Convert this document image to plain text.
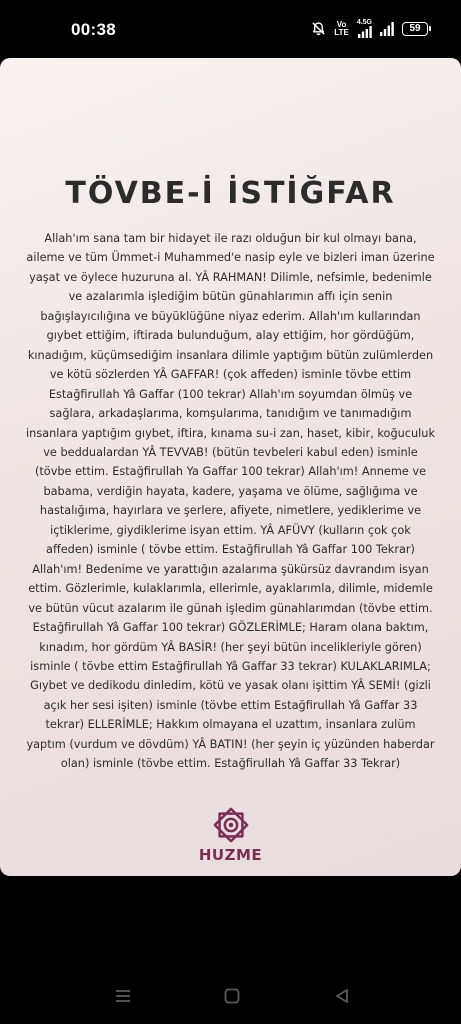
00:38	Vo
LTE
4.5G
59
TÖVBE-İ İSTİĞFAR

Allah'ım sana tam bir hidayet ile razı olduğun bir kul olmayı bana, aileme ve tüm Ümmet-i Muhammed'e nasip eyle ve bizleri iman üzerine yaşat ve öylece huzuruna al. YÂ RAHMAN! Dilimle, nefsimle, bedenimle ve azalarımla işlediğim bütün günahlarımın affı için senin bağışlayıcılığına ve büyüklüğüne niyaz ederim. Allah'ım kullarından gıybet ettiğim, iftirada bulunduğum, alay ettiğim, hor gördüğüm, kınadığım, küçümsediğim insanlara dilimle yaptığım bütün zulümlerden ve kötü sözlerden YÂ GAFFAR! (çok affeden) isminle tövbe ettim Estağfirullah Yâ Gaffar (100 tekrar) Allah'ım soyumdan ölmüş ve sağlara, arkadaşlarıma, komşularıma, tanıdığım ve tanımadığım insanlara yaptığım gıybet, iftira, kınama su-i zan, haset, kibir, koğuculuk ve beddualardan YÂ TEVVAB! (bütün tevbeleri kabul eden) isminle (tövbe ettim. Estağfirullah Ya Gaffar 100 tekrar) Allah'ım! Anneme ve babama, verdiğin hayata, kadere, yaşama ve ölüme, sağlığıma ve hastalığıma, hayırlara ve şerlere, afiyete, nimetlere, yediklerime ve içtiklerime, giydiklerime isyan ettim. YÂ AFÜVY (kulların çok çok affeden) isminle ( tövbe ettim. Estağfirullah Yâ Gaffar 100 Tekrar) Allah'ım! Bedenime ve yarattığın azalarıma şükürsüz davrandım isyan ettim. Gözlerimle, kulaklarımla, ellerimle, ayaklarımla, dilimle, midemle ve bütün vücut azalarım ile günah işledim günahlarımdan (tövbe ettim. Estağfirullah Yâ Gaffar 100 tekrar) GÖZLERİMLE; Haram olana baktım, kınadım, hor gördüm YÂ BASİR! (her şeyi bütün incelikleriyle gören) isminle ( tövbe ettim Estağfirullah Yâ Gaffar 33 tekrar) KULAKLARIMLA; Gıybet ve dedikodu dinledim, kötü ve yasak olanı işittim YÂ SEMİ! (gizli açık her sesi işiten) isminle (tövbe ettim Estağfirullah Yâ Gaffar 33 tekrar) ELLERİMLE; Hakkım olmayana el uzattım, insanlara zulüm yaptım (vurdum ve dövdüm) YÂ BATIN! (her şeyin iç yüzünden haberdar olan) isminle (tövbe ettim. Estağfirullah Yâ Gaffar 33 Tekrar)

HUZME
